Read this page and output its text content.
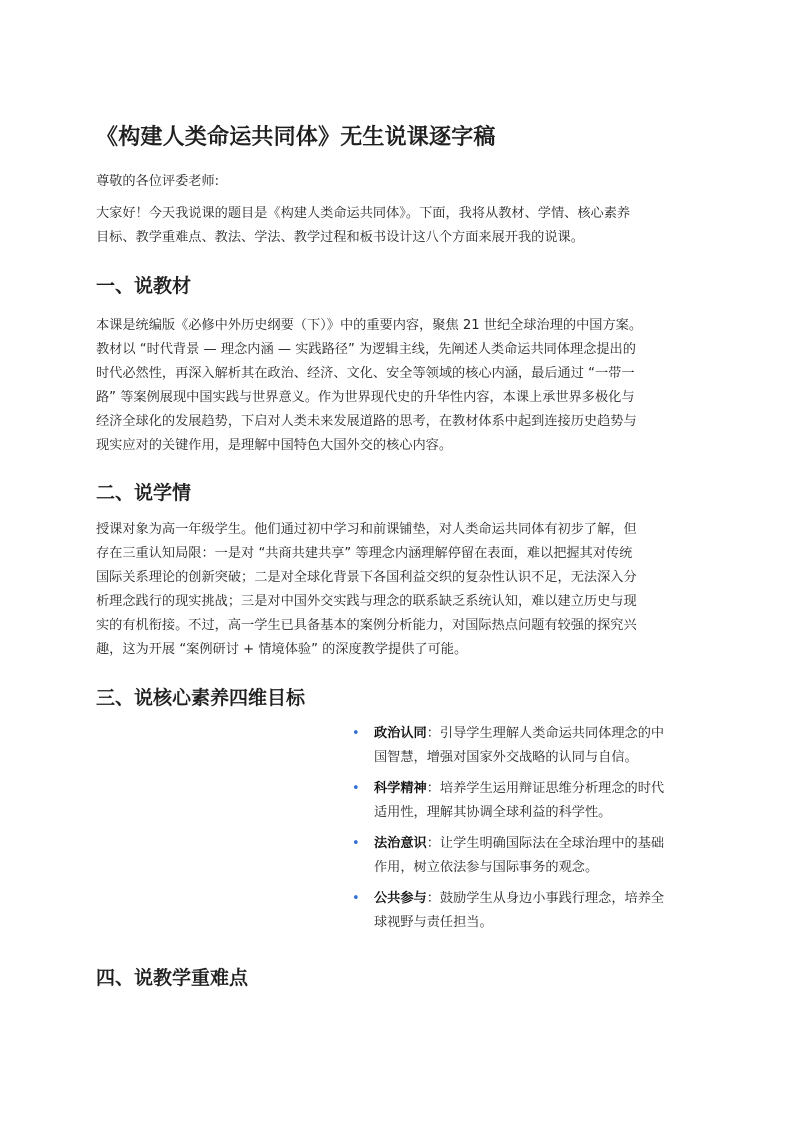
《构建人类命运共同体》无生说课逐字稿
尊敬的各位评委老师:
大家好！今天我说课的题目是《构建人类命运共同体》。下面，我将从教材、学情、核心素养
目标、教学重难点、教法、学法、教学过程和板书设计这八个方面来展开我的说课。
一、说教材
本课是统编版《必修中外历史纲要（下）》中的重要内容，聚焦 21 世纪全球治理的中国方案。
教材以 “时代背景 — 理念内涵 — 实践路径” 为逻辑主线，先阐述人类命运共同体理念提出的
时代必然性，再深入解析其在政治、经济、文化、安全等领域的核心内涵，最后通过 “一带一
路” 等案例展现中国实践与世界意义。作为世界现代史的升华性内容，本课上承世界多极化与
经济全球化的发展趋势，下启对人类未来发展道路的思考，在教材体系中起到连接历史趋势与
现实应对的关键作用，是理解中国特色大国外交的核心内容。
二、说学情
授课对象为高一年级学生。他们通过初中学习和前课铺垫，对人类命运共同体有初步了解，但
存在三重认知局限：一是对 “共商共建共享” 等理念内涵理解停留在表面，难以把握其对传统
国际关系理论的创新突破；二是对全球化背景下各国利益交织的复杂性认识不足，无法深入分
析理念践行的现实挑战；三是对中国外交实践与理念的联系缺乏系统认知，难以建立历史与现
实的有机衔接。不过，高一学生已具备基本的案例分析能力，对国际热点问题有较强的探究兴
趣，这为开展 “案例研讨 + 情境体验” 的深度教学提供了可能。
三、说核心素养四维目标
• 政治认同：引导学生理解人类命运共同体理念的中
国智慧，增强对国家外交战略的认同与自信。
• 科学精神：培养学生运用辩证思维分析理念的时代
适用性，理解其协调全球利益的科学性。
• 法治意识：让学生明确国际法在全球治理中的基础
作用，树立依法参与国际事务的观念。
• 公共参与：鼓励学生从身边小事践行理念，培养全
球视野与责任担当。
四、说教学重难点
